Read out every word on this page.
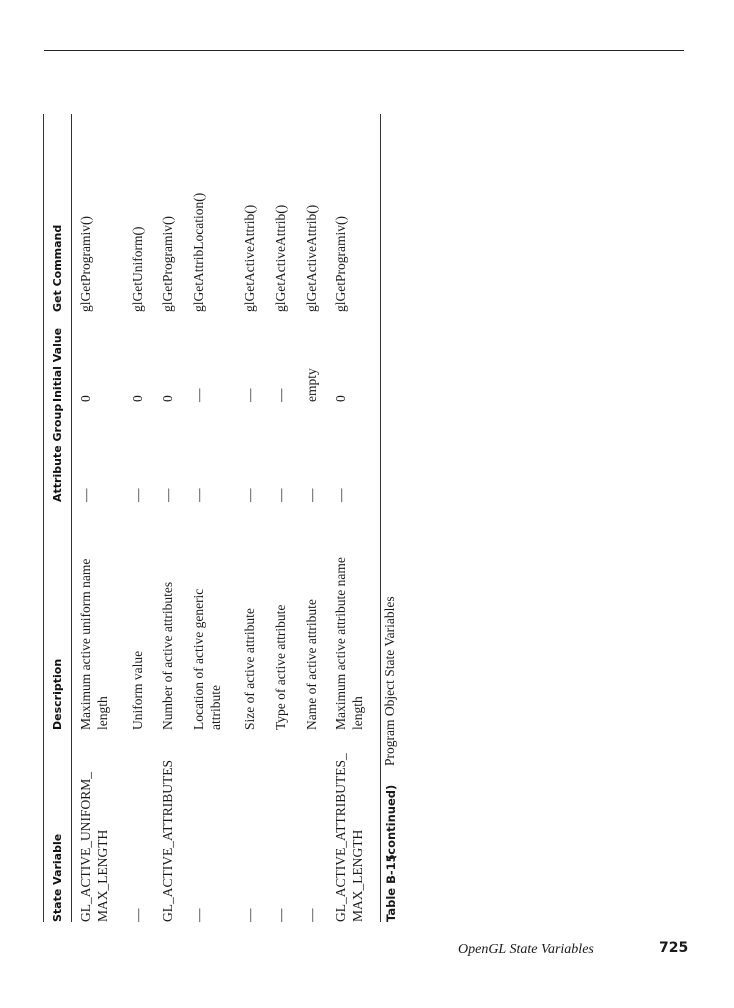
State Variable
Description
Attribute Group
Initial Value
Get Command
GL_ACTIVE_UNIFORM_
MAX_LENGTH
Maximum active uniform name
length
—
0
glGetProgramiv()
—
Uniform value
—
0
glGetUniform()
GL_ACTIVE_ATTRIBUTES
Number of active attributes
—
0
glGetProgramiv()
—
Location of active generic
attribute
—
—
glGetAttribLocation()
—
Size of active attribute
—
—
glGetActiveAttrib()
—
Type of active attribute
—
—
glGetActiveAttrib()
—
Name of active attribute
—
empty
glGetActiveAttrib()
GL_ACTIVE_ATTRIBUTES_
MAX_LENGTH
Maximum active attribute name
length
—
0
glGetProgramiv()
Table B-15
(continued)
Program Object State Variables
OpenGL State Variables	725
